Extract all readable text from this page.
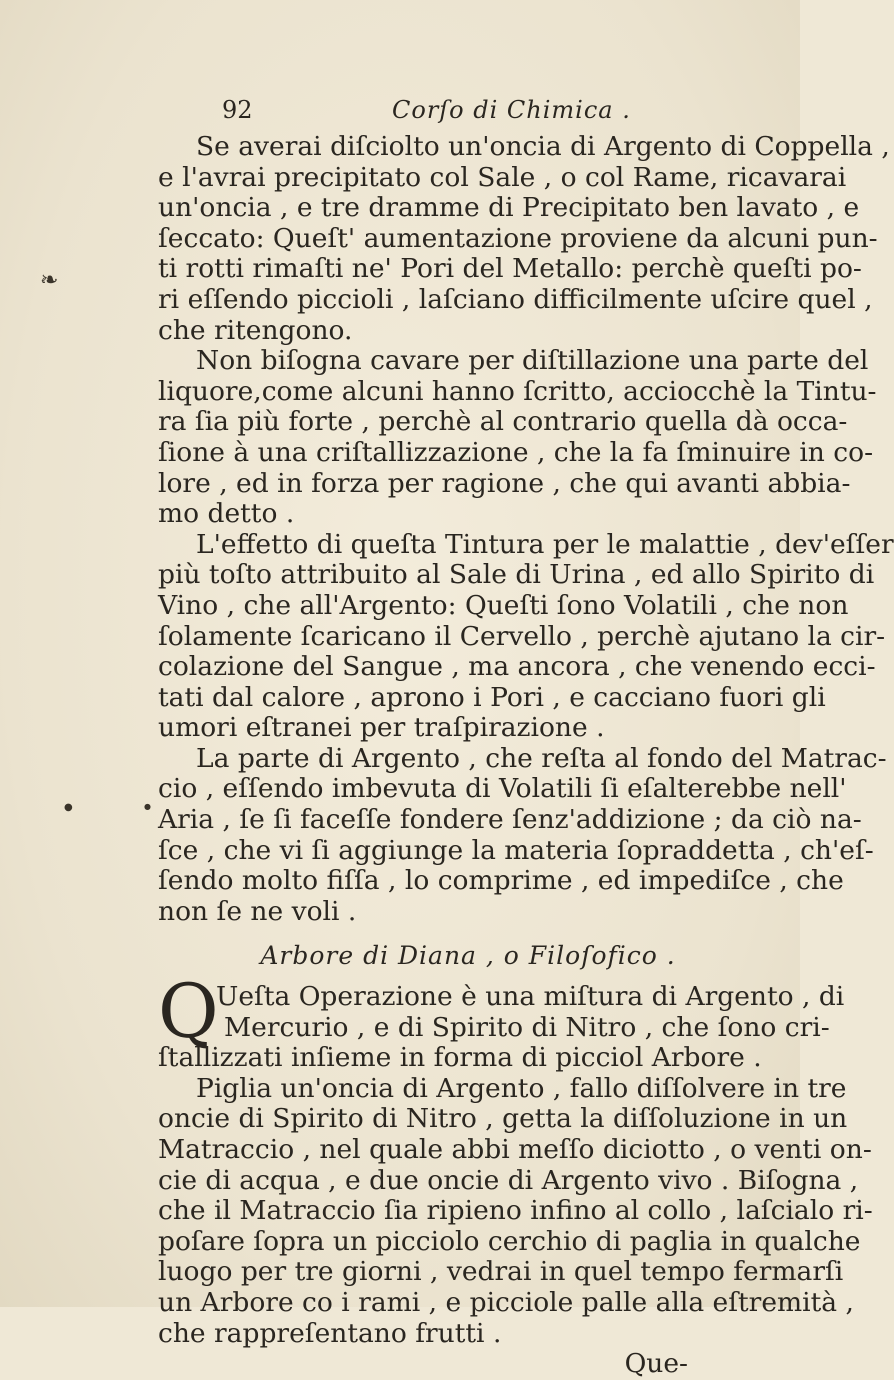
❧
●	●
92	Corſo di Chimica .
Se averai diſciolto un'oncia di Argento di Coppella ,
e l'avrai precipitato col Sale , o col Rame, ricavarai
un'oncia , e tre dramme di Precipitato ben lavato , e
ſeccato: Queſt' aumentazione proviene da alcuni pun-
ti rotti rimaſti ne' Pori del Metallo: perchè queſti po-
ri eſſendo piccioli , laſciano difficilmente uſcire quel ,
che ritengono.
Non biſogna cavare per diſtillazione una parte del
liquore,come alcuni hanno ſcritto, acciocchè la Tintu-
ra ſia più forte , perchè al contrario quella dà occa-
ſione à una criſtallizzazione , che la fa ſminuire in co-
lore , ed in forza per ragione , che qui avanti abbia-
mo detto .
L'effetto di queſta Tintura per le malattie , dev'eſſer
più toſto attribuito al Sale di Urina , ed allo Spirito di
Vino , che all'Argento: Queſti ſono Volatili , che non
ſolamente ſcaricano il Cervello , perchè ajutano la cir-
colazione del Sangue , ma ancora , che venendo ecci-
tati dal calore , aprono i Pori , e cacciano fuori gli
umori eſtranei per traſpirazione .
La parte di Argento , che reſta al fondo del Matrac-
cio , eſſendo imbevuta di Volatili ſi eſalterebbe nell'
Aria , ſe ſi faceſſe fondere ſenz'addizione ; da ciò na-
ſce , che vi ſi aggiunge la materia ſopraddetta , ch'eſ-
ſendo molto fiſſa , lo comprime , ed impediſce , che
non ſe ne voli .
Arbore di Diana , o Filoſofico .
Q
Ueſta Operazione è una miſtura di Argento , di
Mercurio , e di Spirito di Nitro , che ſono cri-
ſtallizzati inſieme in forma di picciol Arbore .
Piglia un'oncia di Argento , fallo diſſolvere in tre
oncie di Spirito di Nitro , getta la diſſoluzione in un
Matraccio , nel quale abbi meſſo diciotto , o venti on-
cie di acqua , e due oncie di Argento vivo . Biſogna ,
che il Matraccio ſia ripieno infino al collo , laſcialo ri-
poſare ſopra un picciolo cerchio di paglia in qualche
luogo per tre giorni , vedrai in quel tempo fermarſi
un Arbore co i rami , e picciole palle alla eſtremità ,
che rappreſentano frutti .
Que-
